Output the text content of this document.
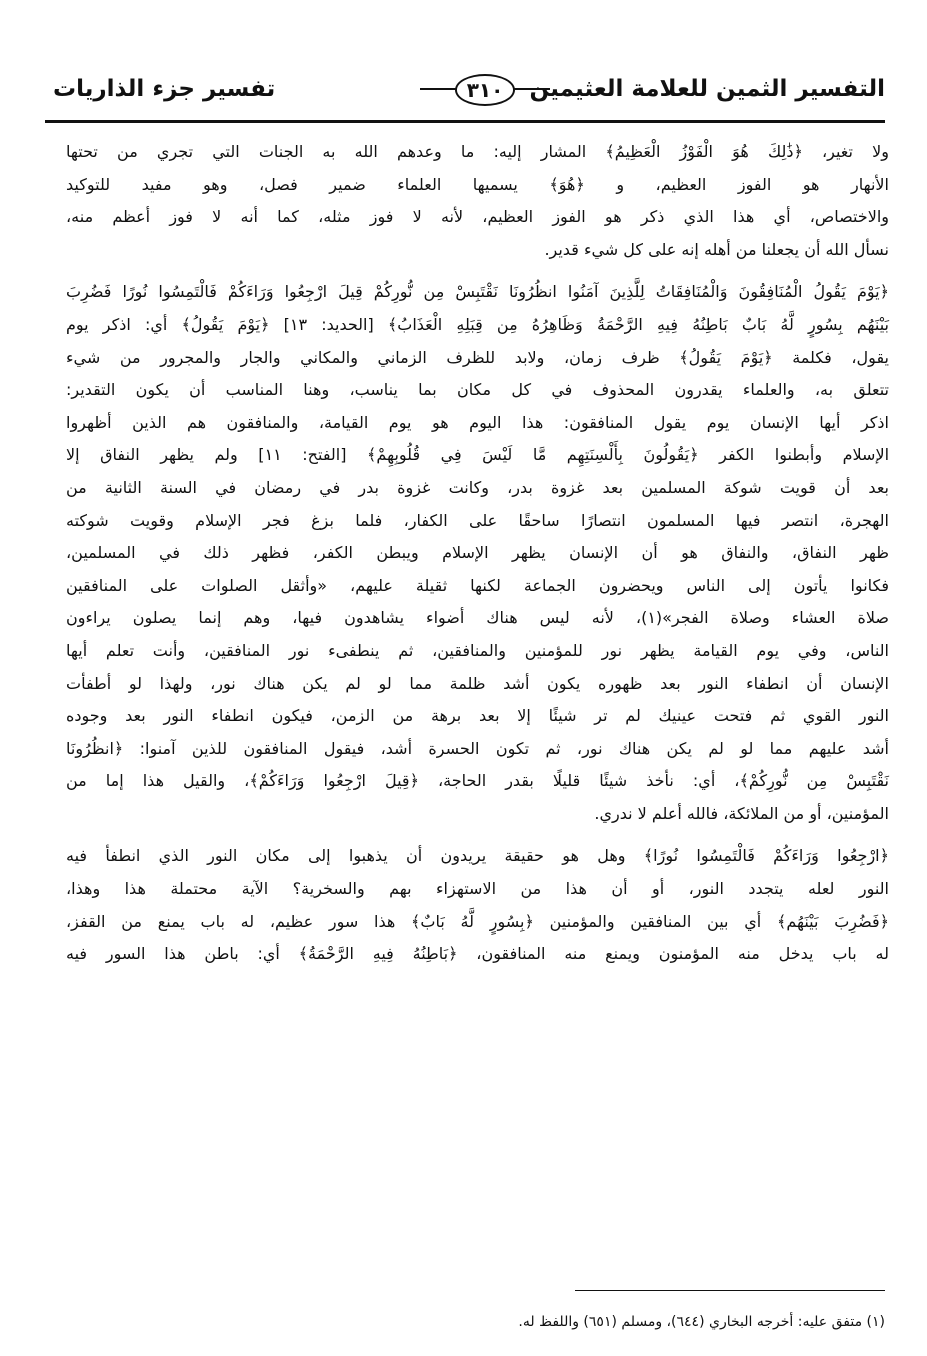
التفسير الثمين للعلامة العثيمين
٣١٠
تفسير جزء الذاريات
ولا تغير، ﴿ذَٰلِكَ هُوَ الْفَوْزُ الْعَظِيمُ﴾ المشار إليه: ما وعدهم الله به الجنات التي تجري من تحتها
الأنهار هو الفوز العظيم، و ﴿هُوَ﴾ يسميها العلماء ضمير فصل، وهو مفيد للتوكيد
والاختصاص، أي هذا الذي ذكر هو الفوز العظيم، لأنه لا فوز مثله، كما أنه لا فوز أعظم منه،
نسأل الله أن يجعلنا من أهله إنه على كل شيء قدير.
﴿يَوْمَ يَقُولُ الْمُنَافِقُونَ وَالْمُنَافِقَاتُ لِلَّذِينَ آمَنُوا انظُرُونَا نَقْتَبِسْ مِن نُّورِكُمْ قِيلَ ارْجِعُوا وَرَاءَكُمْ فَالْتَمِسُوا نُورًا فَضُرِبَ
بَيْنَهُم بِسُورٍ لَّهُ بَابٌ بَاطِنُهُ فِيهِ الرَّحْمَةُ وَظَاهِرُهُ مِن قِبَلِهِ الْعَذَابُ﴾ [الحديد: ١٣] ﴿يَوْمَ يَقُولُ﴾ أي: اذكر يوم
يقول، فكلمة ﴿يَوْمَ يَقُولُ﴾ ظرف زمان، ولابد للظرف الزماني والمكاني والجار والمجرور من شيء
تتعلق به، والعلماء يقدرون المحذوف في كل مكان بما يناسب، وهنا المناسب أن يكون التقدير:
اذكر أيها الإنسان يوم يقول المنافقون: هذا اليوم هو يوم القيامة، والمنافقون هم الذين أظهروا
الإسلام وأبطنوا الكفر ﴿يَقُولُونَ بِأَلْسِنَتِهِم مَّا لَيْسَ فِي قُلُوبِهِمْ﴾ [الفتح: ١١] ولم يظهر النفاق إلا
بعد أن قويت شوكة المسلمين بعد غزوة بدر، وكانت غزوة بدر في رمضان في السنة الثانية من
الهجرة، انتصر فيها المسلمون انتصارًا ساحقًا على الكفار، فلما بزغ فجر الإسلام وقويت شوكته
ظهر النفاق، والنفاق هو أن الإنسان يظهر الإسلام ويبطن الكفر، فظهر ذلك في المسلمين،
فكانوا يأتون إلى الناس ويحضرون الجماعة لكنها ثقيلة عليهم، «وأثقل الصلوات على المنافقين
صلاة العشاء وصلاة الفجر»(١)، لأنه ليس هناك أضواء يشاهدون فيها، وهم إنما يصلون يراءون
الناس، وفي يوم القيامة يظهر نور للمؤمنين والمنافقين، ثم ينطفىء نور المنافقين، وأنت تعلم أيها
الإنسان أن انطفاء النور بعد ظهوره يكون أشد ظلمة مما لو لم يكن هناك نور، ولهذا لو أطفأت
النور القوي ثم فتحت عينيك لم تر شيئًا إلا بعد برهة من الزمن، فيكون انطفاء النور بعد وجوده
أشد عليهم مما لو لم يكن هناك نور، ثم تكون الحسرة أشد، فيقول المنافقون للذين آمنوا: ﴿انظُرُونَا
نَقْتَبِسْ مِن نُّورِكُمْ﴾، أي: نأخذ شيئًا قليلًا بقدر الحاجة، ﴿قِيلَ ارْجِعُوا وَرَاءَكُمْ﴾، والقيل هذا إما من
المؤمنين، أو من الملائكة، فالله أعلم لا ندري.
﴿ارْجِعُوا وَرَاءَكُمْ فَالْتَمِسُوا نُورًا﴾ وهل هو حقيقة يريدون أن يذهبوا إلى مكان النور الذي انطفأ فيه
النور لعله يتجدد النور، أو أن هذا من الاستهزاء بهم والسخرية؟ الآية محتملة هذا وهذا،
﴿فَضُرِبَ بَيْنَهُم﴾ أي بين المنافقين والمؤمنين ﴿بِسُورٍ لَّهُ بَابٌ﴾ هذا سور عظيم، له باب يمنع من القفز،
له باب يدخل منه المؤمنون ويمنع منه المنافقون، ﴿بَاطِنُهُ فِيهِ الرَّحْمَةُ﴾ أي: باطن هذا السور فيه
(١) متفق عليه: أخرجه البخاري (٦٤٤)، ومسلم (٦٥١) واللفظ له.
